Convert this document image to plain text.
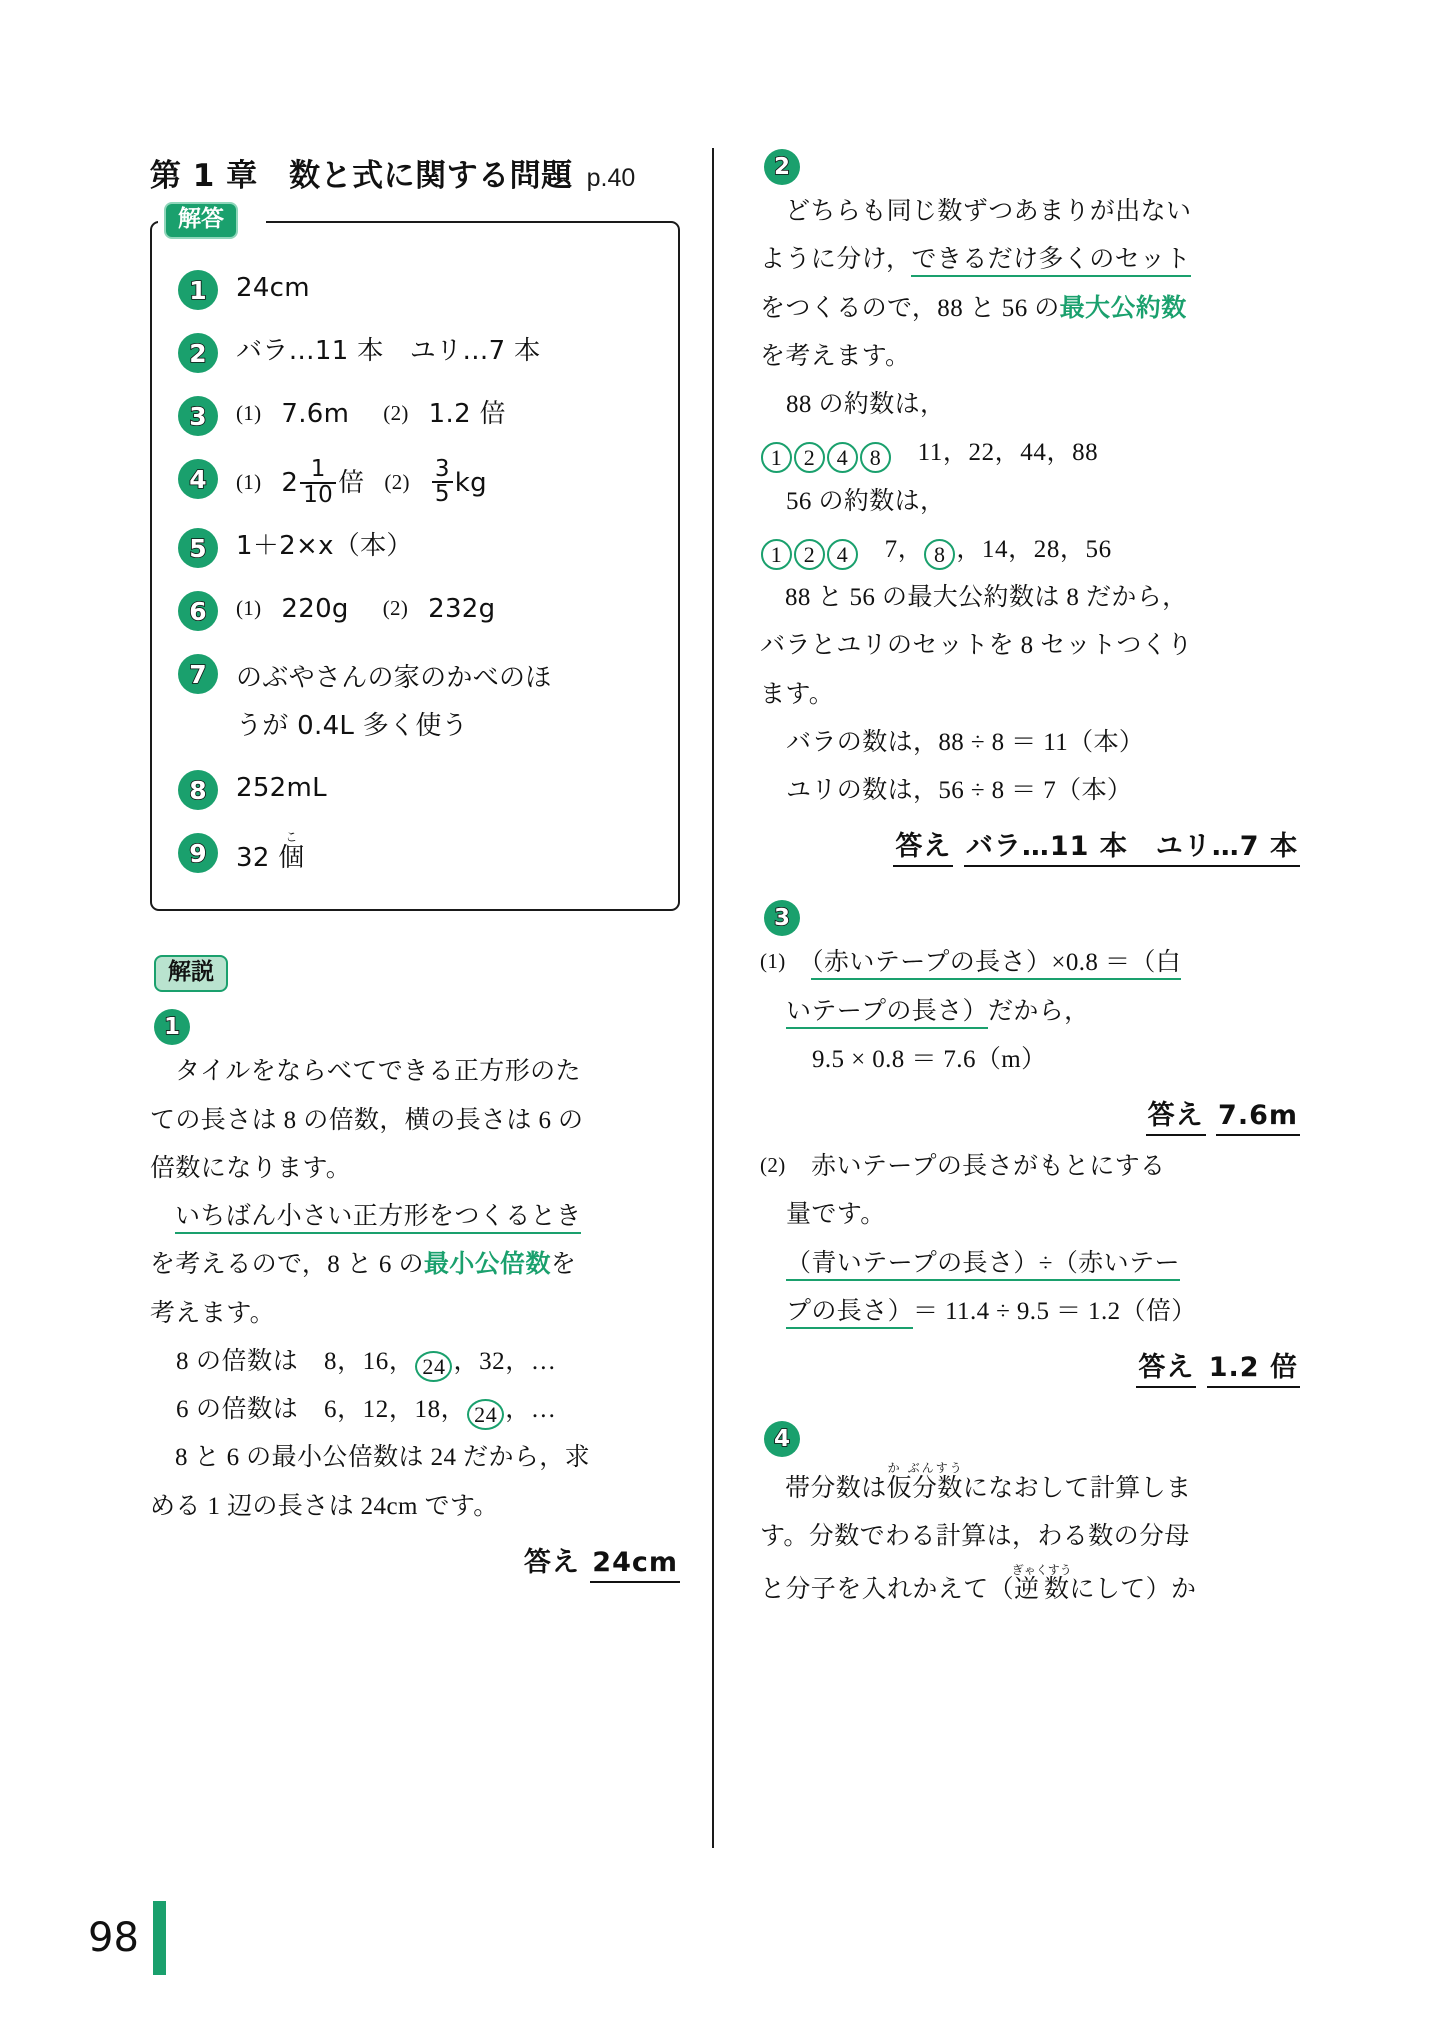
第 1 章　数と式に関する問題 p.40
解答
1	24cm
2	バラ…11 本　ユリ…7 本
3	(1) 7.6m (2) 1.2 倍
4	(1) $2 \frac{1}{10}$ 倍 $(2) \frac{3}{5}$ kg
5	1＋2×x（本）
6	(1) 220g (2) 232g
7	のぶやさんの家のかべのほ
うが 0.4L 多く使う
8	252mL
9	32 個こ
解説
1

タイルをならべてできる正方形のた

ての長さは 8 の倍数，横の長さは 6 の

倍数になります。

いちばん小さい正方形をつくるとき

を考えるので，8 と 6 の最小公倍数を

考えます。

8 の倍数は　 8，16， 24 ，32，…

6 の倍数は　 6，12，18， 24 ，…

8 と 6 の最小公倍数は 24 だから，求

める 1 辺の長さは 24cm です。

答え 24cm
2

どちらも同じ数ずつあまりが出ない

ように分け，できるだけ多くのセット

をつくるので，88 と 56 の最大公約数

を考えます。

88 の約数は，

1 2 4 8　 11，22，44，88

56 の約数は，

1 2 4　 7， 8 ，14，28，56

88 と 56 の最大公約数は 8 だから，

バラとユリのセットを 8 セットつくり

ます。

バラの数は，88 ÷ 8 ＝ 11（本）

ユリの数は，56 ÷ 8 ＝ 7（本）

答え バラ…11 本　ユリ…7 本
3

(1)　 （赤いテープの長さ）×0.8 ＝（白

いテープの長さ）だから，

9.5 × 0.8 ＝ 7.6（m）

答え 7.6m

(2)　 赤いテープの長さがもとにする

量です。

（青いテープの長さ）÷（赤いテー

プの長さ）＝ 11.4 ÷ 9.5 ＝ 1.2（倍）

答え 1.2 倍
4

帯分数は仮分数か ぶんすうになおして計算しま

す。分数でわる計算は，わる数の分母

と分子を入れかえて（逆数ぎゃくすうにして）か

98
